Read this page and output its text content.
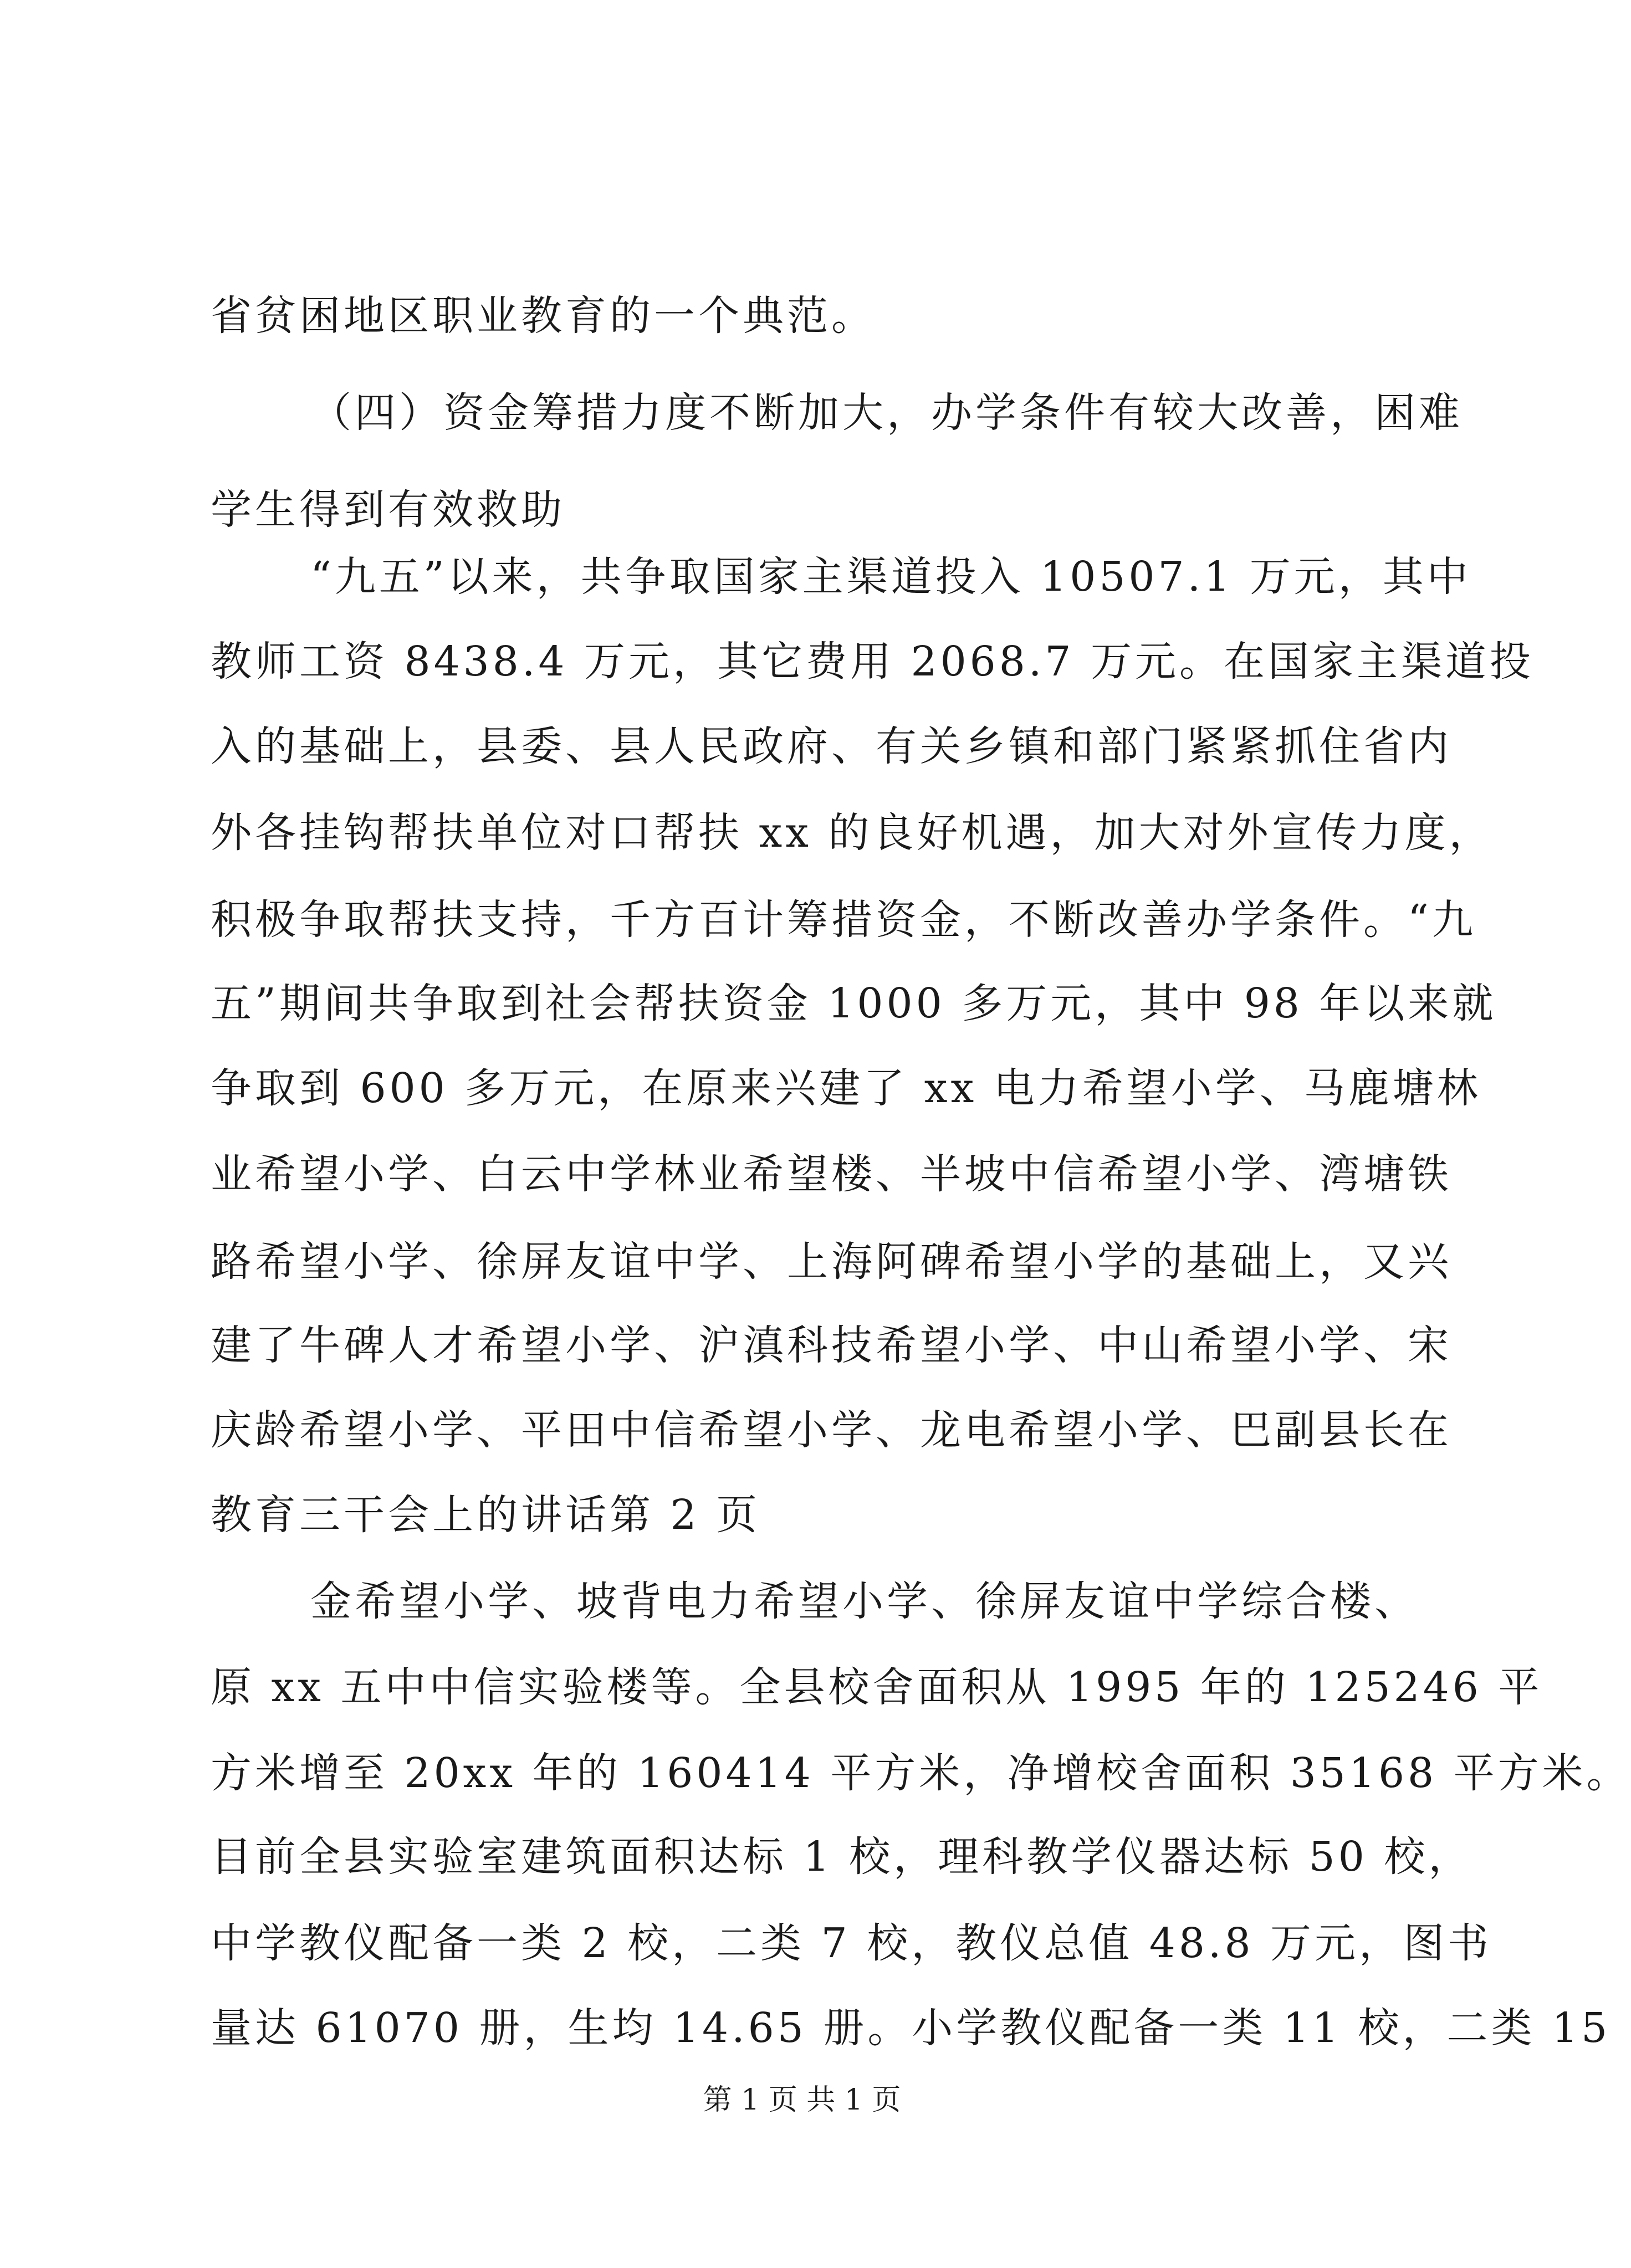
省贫困地区职业教育的一个典范。
（四）资金筹措力度不断加大，办学条件有较大改善，困难
学生得到有效救助
“九五”以来，共争取国家主渠道投入 10507.1 万元，其中
教师工资 8438.4 万元，其它费用 2068.7 万元。在国家主渠道投
入的基础上，县委、县人民政府、有关乡镇和部门紧紧抓住省内
外各挂钩帮扶单位对口帮扶 xx 的良好机遇，加大对外宣传力度，
积极争取帮扶支持，千方百计筹措资金，不断改善办学条件。“九
五”期间共争取到社会帮扶资金 1000 多万元，其中 98 年以来就
争取到 600 多万元，在原来兴建了 xx 电力希望小学、马鹿塘林
业希望小学、白云中学林业希望楼、半坡中信希望小学、湾塘铁
路希望小学、徐屏友谊中学、上海阿碑希望小学的基础上，又兴
建了牛碑人才希望小学、沪滇科技希望小学、中山希望小学、宋
庆龄希望小学、平田中信希望小学、龙电希望小学、巴副县长在
教育三干会上的讲话第 2 页
金希望小学、坡背电力希望小学、徐屏友谊中学综合楼、
原 xx 五中中信实验楼等。全县校舍面积从 1995 年的 125246 平
方米增至 20xx 年的 160414 平方米，净增校舍面积 35168 平方米。
目前全县实验室建筑面积达标 1 校，理科教学仪器达标 50 校，
中学教仪配备一类 2 校，二类 7 校，教仪总值 48.8 万元，图书
量达 61070 册，生均 14.65 册。小学教仪配备一类 11 校，二类 15
第 1 页 共 1 页
